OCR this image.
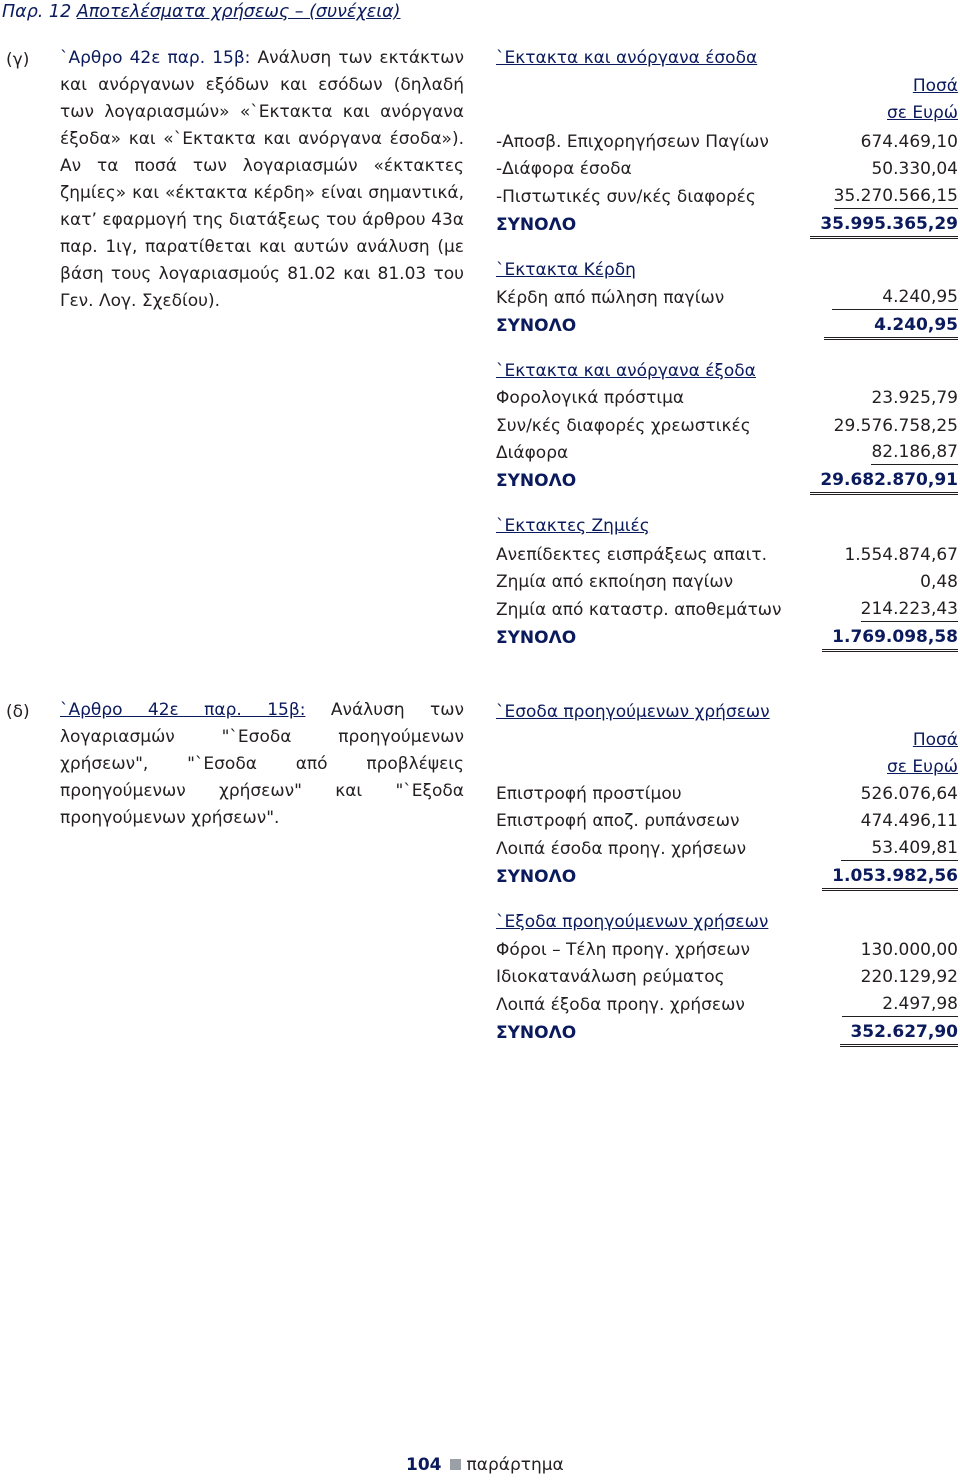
Παρ. 12 Αποτελέσματα χρήσεως – (συνέχεια)
(γ) `Αρθρο 42ε παρ. 15β: Ανάλυση των εκτάκτων και ανόργανων εξόδων και εσόδων (δηλαδή των λογαριασμών» «`Εκτακτα και ανόργανα έξοδα» και «`Εκτακτα και ανόργανα έσοδα»). Αν τα ποσά των λογαριασμών «έκτακτες ζημίες» και «έκτακτα κέρδη» είναι σημαντικά, κατ’ εφαρμογή της διατάξεως του άρθρου 43α παρ. 1ιγ, παρατίθεται και αυτών ανάλυση (με βάση τους λογαριασμούς 81.02 και 81.03 του Γεν. Λογ. Σχεδίου).
`Εκτακτα και ανόργανα έσοδα
Ποσά
σε Ευρώ
-Αποσβ. Επιχορηγήσεων Παγίων	674.469,10
-Διάφορα έσοδα	50.330,04
-Πιστωτικές συν/κές διαφορές	35.270.566,15
ΣΥΝΟΛΟ	35.995.365,29
`Εκτακτα Κέρδη
Κέρδη από πώληση παγίων	4.240,95
ΣΥΝΟΛΟ	4.240,95
`Εκτακτα και ανόργανα έξοδα
Φορολογικά πρόστιμα	23.925,79
Συν/κές διαφορές χρεωστικές	29.576.758,25
Διάφορα	82.186,87
ΣΥΝΟΛΟ	29.682.870,91
`Εκτακτες Ζημιές
Ανεπίδεκτες εισπράξεως απαιτ.	1.554.874,67
Ζημία από εκποίηση παγίων	0,48
Ζημία από καταστρ. αποθεμάτων	214.223,43
ΣΥΝΟΛΟ	1.769.098,58
(δ) `Αρθρο 42ε παρ. 15β: Ανάλυση των λογαριασμών "`Εσοδα προηγούμενων χρήσεων", "`Εσοδα από προβλέψεις προηγούμενων χρήσεων" και "`Εξοδα προηγούμενων χρήσεων".
`Εσοδα προηγούμενων χρήσεων
Ποσά
σε Ευρώ
Επιστροφή προστίμου	526.076,64
Επιστροφή αποζ. ρυπάνσεων	474.496,11
Λοιπά έσοδα προηγ. χρήσεων	53.409,81
ΣΥΝΟΛΟ	1.053.982,56
`Εξοδα προηγούμενων χρήσεων
Φόροι – Τέλη προηγ. χρήσεων	130.000,00
Ιδιοκατανάλωση ρεύματος	220.129,92
Λοιπά έξοδα προηγ. χρήσεων	2.497,98
ΣΥΝΟΛΟ	352.627,90
104 παράρτημα
